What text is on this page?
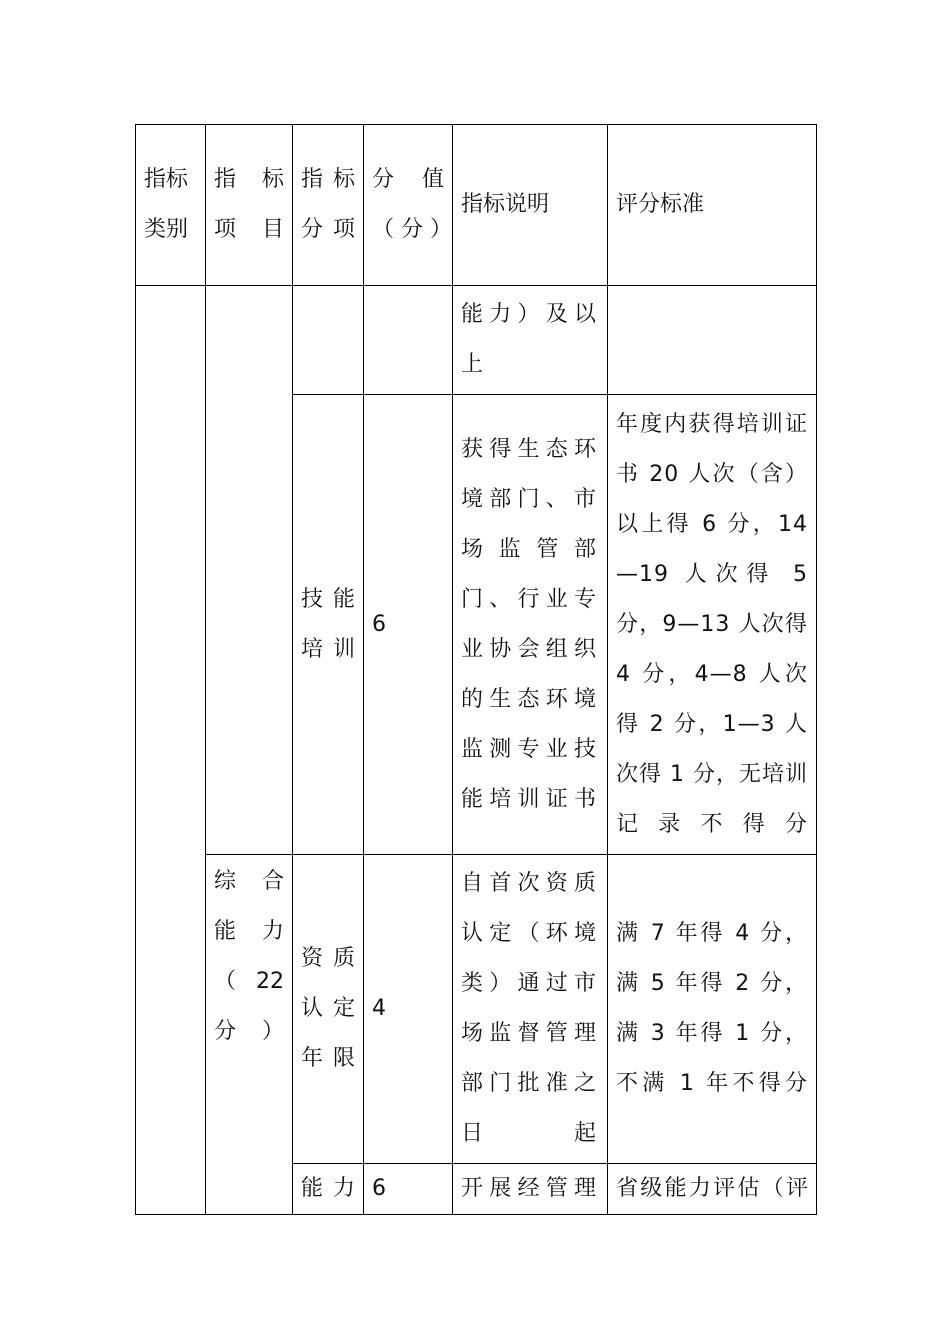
指标类别	指 标 项目	指标分项	分 值 （ 分 ）	指标说明	评分标准
				能力）及以上	
		技能培训	6	获得生态环境部门、市场监管部门、行业专业协会组织的生态环境监测专业技能培训证书	年度内获得培训证书 20 人次（含）以上得 6 分，14—19 人次得 5 分，9—13 人次得 4 分，4—8 人次得 2 分，1—3 人次得 1 分，无培训记录不得分
	综 合 能力 （ 22 分）	资质认定年限	4	自首次资质认定（环境类）通过市场监督管理部门批准之日起	满 7 年得 4 分，满 5 年得 2 分，满 3 年得 1 分，不满 1 年不得分
		能力	6	开展经管理	省级能力评估（评
